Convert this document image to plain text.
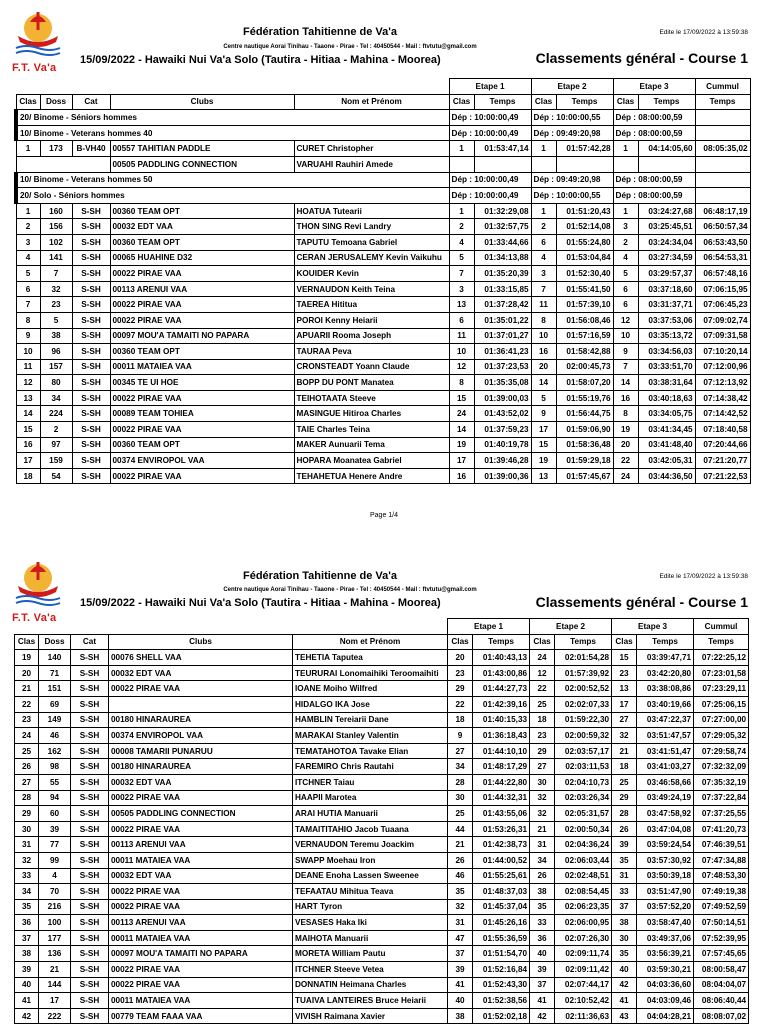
F.T. Va'a
Fédération Tahitienne de Va'a	Edite le 17/09/2022 à 13:59:38
Centre nautique Aorai Tinihau - Taaone - Pirae - Tel : 40450544 - Mail : ftvtutu@gmail.com
15/09/2022 - Hawaiki Nui Va'a Solo (Tautira - Hitiaa - Mahina - Moorea)	Classements général - Course 1
					Etape 1		Etape 2		Etape 3		Cummul
Clas	Doss	Cat	Clubs	Nom et Prénom	Clas	Temps	Clas	Temps	Clas	Temps	Temps
20/ Binome - Séniors hommes					Dép : 10:00:00,49		Dép : 10:00:00,55		Dép : 08:00:00,59		
10/ Binome - Veterans hommes 40					Dép : 10:00:00,49		Dép : 09:49:20,98		Dép : 08:00:00,59		
1	173	B-VH40	00557 TAHITIAN PADDLE	CURET Christopher	1	01:53:47,14	1	01:57:42,28	1	04:14:05,60	08:05:35,02
			00505 PADDLING CONNECTION	VARUAHI Rauhiri Amede							
10/ Binome - Veterans hommes 50					Dép : 10:00:00,49		Dép : 09:49:20,98		Dép : 08:00:00,59		
20/ Solo - Séniors hommes					Dép : 10:00:00,49		Dép : 10:00:00,55		Dép : 08:00:00,59		
1	160	S-SH	00360 TEAM OPT	HOATUA Tutearii	1	01:32:29,08	1	01:51:20,43	1	03:24:27,68	06:48:17,19
2	156	S-SH	00032 EDT VAA	THON SING Revi Landry	2	01:32:57,75	2	01:52:14,08	3	03:25:45,51	06:50:57,34
3	102	S-SH	00360 TEAM OPT	TAPUTU Temoana Gabriel	4	01:33:44,66	6	01:55:24,80	2	03:24:34,04	06:53:43,50
4	141	S-SH	00065 HUAHINE D32	CERAN JERUSALEMY Kevin Vaikuhu	5	01:34:13,88	4	01:53:04,84	4	03:27:34,59	06:54:53,31
5	7	S-SH	00022 PIRAE VAA	KOUIDER Kevin	7	01:35:20,39	3	01:52:30,40	5	03:29:57,37	06:57:48,16
6	32	S-SH	00113 ARENUI VAA	VERNAUDON Keith Teina	3	01:33:15,85	7	01:55:41,50	6	03:37:18,60	07:06:15,95
7	23	S-SH	00022 PIRAE VAA	TAEREA Hititua	13	01:37:28,42	11	01:57:39,10	6	03:31:37,71	07:06:45,23
8	5	S-SH	00022 PIRAE VAA	POROI Kenny Heiarii	6	01:35:01,22	8	01:56:08,46	12	03:37:53,06	07:09:02,74
9	38	S-SH	00097 MOU'A TAMAITI NO PAPARA	APUARII Rooma Joseph	11	01:37:01,27	10	01:57:16,59	10	03:35:13,72	07:09:31,58
10	96	S-SH	00360 TEAM OPT	TAURAA Peva	10	01:36:41,23	16	01:58:42,88	9	03:34:56,03	07:10:20,14
11	157	S-SH	00011 MATAIEA VAA	CRONSTEADT Yoann Claude	12	01:37:23,53	20	02:00:45,73	7	03:33:51,70	07:12:00,96
12	80	S-SH	00345 TE UI HOE	BOPP DU PONT Manatea	8	01:35:35,08	14	01:58:07,20	14	03:38:31,64	07:12:13,92
13	34	S-SH	00022 PIRAE VAA	TEIHOTAATA Steeve	15	01:39:00,03	5	01:55:19,76	16	03:40:18,63	07:14:38,42
14	224	S-SH	00089 TEAM TOHIEA	MASINGUE Hitiroa Charles	24	01:43:52,02	9	01:56:44,75	8	03:34:05,75	07:14:42,52
15	2	S-SH	00022 PIRAE VAA	TAIE Charles Teina	14	01:37:59,23	17	01:59:06,90	19	03:41:34,45	07:18:40,58
16	97	S-SH	00360 TEAM OPT	MAKER Aunuarii Tema	19	01:40:19,78	15	01:58:36,48	20	03:41:48,40	07:20:44,66
17	159	S-SH	00374 ENVIROPOL VAA	HOPARA Moanatea Gabriel	17	01:39:46,28	19	01:59:29,18	22	03:42:05,31	07:21:20,77
18	54	S-SH	00022 PIRAE VAA	TEHAHETUA Henere Andre	16	01:39:00,36	13	01:57:45,67	24	03:44:36,50	07:21:22,53
Page 1/4
F.T. Va'a
Fédération Tahitienne de Va'a	Edite le 17/09/2022 à 13:59:38
Centre nautique Aorai Tinihau - Taaone - Pirae - Tel : 40450544 - Mail : ftvtutu@gmail.com
15/09/2022 - Hawaiki Nui Va'a Solo (Tautira - Hitiaa - Mahina - Moorea)	Classements général - Course 1
					Etape 1		Etape 2		Etape 3		Cummul
Clas	Doss	Cat	Clubs	Nom et Prénom	Clas	Temps	Clas	Temps	Clas	Temps	Temps
19	140	S-SH	00076 SHELL VAA	TEHETIA Taputea	20	01:40:43,13	24	02:01:54,28	15	03:39:47,71	07:22:25,12
20	71	S-SH	00032 EDT VAA	TEURURAI Lonomaihiki Teroomaihiti	23	01:43:00,86	12	01:57:39,92	23	03:42:20,80	07:23:01,58
21	151	S-SH	00022 PIRAE VAA	IOANE Moiho Wilfred	29	01:44:27,73	22	02:00:52,52	13	03:38:08,86	07:23:29,11
22	69	S-SH		HIDALGO IKA Jose	22	01:42:39,16	25	02:02:07,33	17	03:40:19,66	07:25:06,15
23	149	S-SH	00180 HINARAUREA	HAMBLIN Tereiarii Dane	18	01:40:15,33	18	01:59:22,30	27	03:47:22,37	07:27:00,00
24	46	S-SH	00374 ENVIROPOL VAA	MARAKAI Stanley Valentin	9	01:36:18,43	23	02:00:59,32	32	03:51:47,57	07:29:05,32
25	162	S-SH	00008 TAMARII PUNARUU	TEMATAHOTOA Tavake Elian	27	01:44:10,10	29	02:03:57,17	21	03:41:51,47	07:29:58,74
26	98	S-SH	00180 HINARAUREA	FAREMIRO Chris Rautahi	34	01:48:17,29	27	02:03:11,53	18	03:41:03,27	07:32:32,09
27	55	S-SH	00032 EDT VAA	ITCHNER Taiau	28	01:44:22,80	30	02:04:10,73	25	03:46:58,66	07:35:32,19
28	94	S-SH	00022 PIRAE VAA	HAAPII Marotea	30	01:44:32,31	32	02:03:26,34	29	03:49:24,19	07:37:22,84
29	60	S-SH	00505 PADDLING CONNECTION	ARAI HUTIA Manuarii	25	01:43:55,06	32	02:05:31,57	28	03:47:58,92	07:37:25,55
30	39	S-SH	00022 PIRAE VAA	TAMAITITAHIO Jacob Tuaana	44	01:53:26,31	21	02:00:50,34	26	03:47:04,08	07:41:20,73
31	77	S-SH	00113 ARENUI VAA	VERNAUDON Teremu Joackim	21	01:42:38,73	31	02:04:36,24	39	03:59:24,54	07:46:39,51
32	99	S-SH	00011 MATAIEA VAA	SWAPP Moehau Iron	26	01:44:00,52	34	02:06:03,44	35	03:57:30,92	07:47:34,88
33	4	S-SH	00032 EDT VAA	DEANE Enoha Lassen Sweenee	46	01:55:25,61	26	02:02:48,51	31	03:50:39,18	07:48:53,30
34	70	S-SH	00022 PIRAE VAA	TEFAATAU Mihitua Teava	35	01:48:37,03	38	02:08:54,45	33	03:51:47,90	07:49:19,38
35	216	S-SH	00022 PIRAE VAA	HART Tyron	32	01:45:37,04	35	02:06:23,35	37	03:57:52,20	07:49:52,59
36	100	S-SH	00113 ARENUI VAA	VESASES Haka Iki	31	01:45:26,16	33	02:06:00,95	38	03:58:47,40	07:50:14,51
37	177	S-SH	00011 MATAIEA VAA	MAIHOTA Manuarii	47	01:55:36,59	36	02:07:26,30	30	03:49:37,06	07:52:39,95
38	136	S-SH	00097 MOU'A TAMAITI NO PAPARA	MORETA William Pautu	37	01:51:54,70	40	02:09:11,74	35	03:56:39,21	07:57:45,65
39	21	S-SH	00022 PIRAE VAA	ITCHNER Steeve Vetea	39	01:52:16,84	39	02:09:11,42	40	03:59:30,21	08:00:58,47
40	144	S-SH	00022 PIRAE VAA	DONNATIN Heimana Charles	41	01:52:43,30	37	02:07:44,17	42	04:03:36,60	08:04:04,07
41	17	S-SH	00011 MATAIEA VAA	TUAIVA LANTEIRES Bruce Heiarii	40	01:52:38,56	41	02:10:52,42	41	04:03:09,46	08:06:40,44
42	222	S-SH	00779 TEAM FAAA VAA	VIVISH Raimana Xavier	38	01:52:02,18	42	02:11:36,63	43	04:04:28,21	08:08:07,02
